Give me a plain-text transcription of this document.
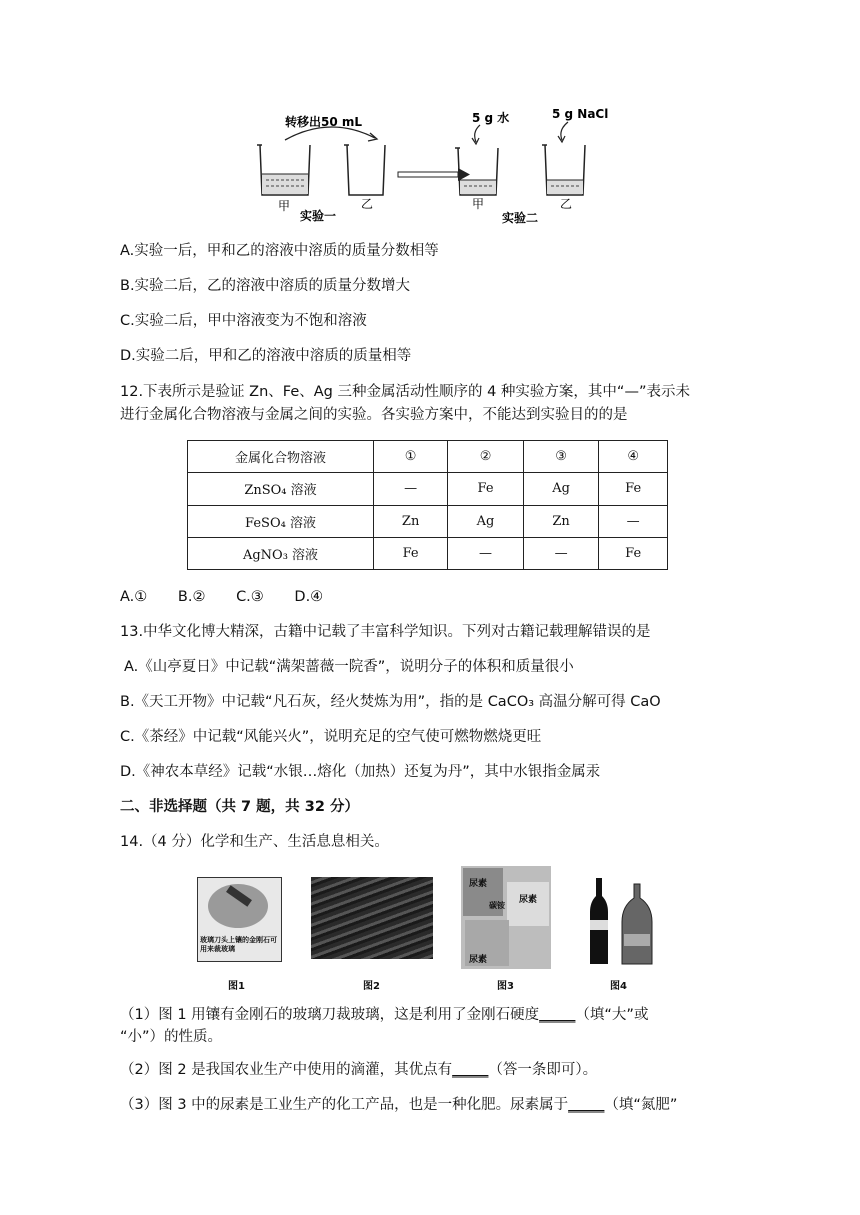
转移出50 mL
甲	乙
实验一
5 g 水
甲
5 g NaCl
乙
实验二
A.实验一后，甲和乙的溶液中溶质的质量分数相等
B.实验二后，乙的溶液中溶质的质量分数增大
C.实验二后，甲中溶液变为不饱和溶液
D.实验二后，甲和乙的溶液中溶质的质量相等
12.下表所示是验证 Zn、Fe、Ag 三种金属活动性顺序的 4 种实验方案，其中“—”表示未
进行金属化合物溶液与金属之间的实验。各实验方案中，不能达到实验目的的是
金属化合物溶液	①	②	③	④
ZnSO₄ 溶液	—	Fe	Ag	Fe
FeSO₄ 溶液	Zn	Ag	Zn	—
AgNO₃ 溶液	Fe	—	—	Fe
A.① B.② C.③ D.④
13.中华文化博大精深，古籍中记载了丰富科学知识。下列对古籍记载理解错误的是
A.《山亭夏日》中记载“满架蔷薇一院香”，说明分子的体积和质量很小
B.《天工开物》中记载“凡石灰，经火焚炼为用”，指的是 CaCO₃ 高温分解可得 CaO
C.《茶经》中记载“风能兴火”，说明充足的空气使可燃物燃烧更旺
D.《神农本草经》记载“水银…熔化（加热）还复为丹”，其中水银指金属汞
二、非选择题（共 7 题，共 32 分）
14.（4 分）化学和生产、生活息息相关。
玻璃刀头上镶的金刚石可用来裁玻璃
图1	图2
尿素
尿素
碳铵
尿素
图3	图4
（1）图 1 用镶有金刚石的玻璃刀裁玻璃，这是利用了金刚石硬度_____（填“大”或
“小”）的性质。
（2）图 2 是我国农业生产中使用的滴灌，其优点有_____（答一条即可）。
（3）图 3 中的尿素是工业生产的化工产品，也是一种化肥。尿素属于_____（填“氮肥”
